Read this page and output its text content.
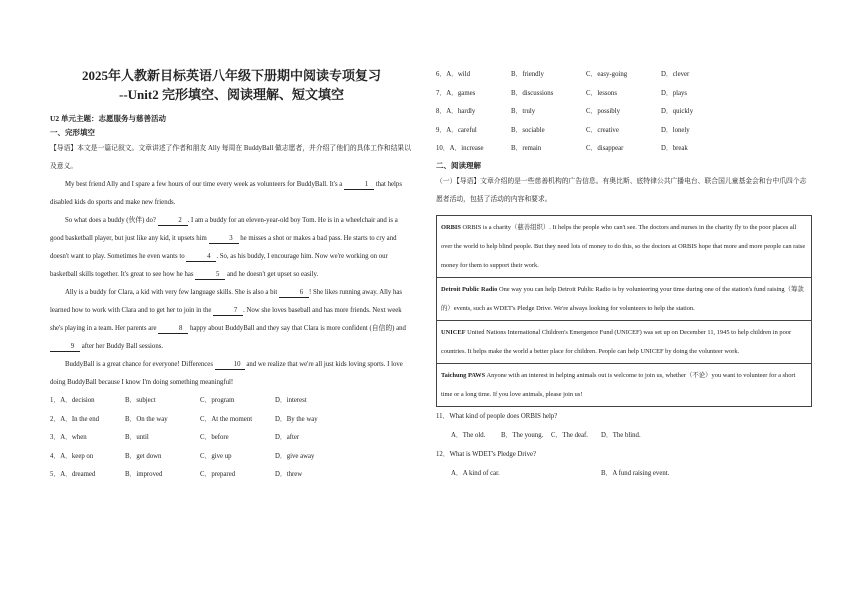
2025年人教新目标英语八年级下册期中阅读专项复习
--Unit2 完形填空、阅读理解、短文填空
U2 单元主题：志愿服务与慈善活动
一、完形填空

【导语】本文是一篇记叙文。文章讲述了作者和朋友 Ally 每周在 BuddyBall 做志愿者，并介绍了他们的具体工作和结果以及意义。

My best friend Ally and I spare a few hours of our time every week as volunteers for BuddyBall. It's a	1 that helps disabled kids do sports and make new friends.

So what does a buddy (伙伴) do?	2 . I am a buddy for an eleven-year-old boy Tom. He is in a wheelchair and is a good basketball player, but just like any kid, it upsets him	3 he misses a shot or makes a bad pass. He starts to cry and doesn't want to play. Sometimes he even wants to	4 . So, as his buddy, I encourage him. Now we're working on our basketball skills together. It's great to see how he has	5 and he doesn't get upset so easily.

Ally is a buddy for Clara, a kid with very few language skills. She is also a bit	6 ! She likes running away. Ally has learned how to work with Clara and to get her to join in the	7 . Now she loves baseball and has more friends. Next week she's playing in a team. Her parents are	8 happy about BuddyBall and they say that Clara is more confident (自信的) and 9 after her Buddy Ball sessions.

BuddyBall is a great chance for everyone! Differences	10 and we realize that we're all just kids loving sports. I love doing BuddyBall because I know I'm doing something meaningful!

1．A．decision	B．subject	C．program	D．interest
2．A．In the end	B．On the way	C．At the moment	D．By the way
3．A．when	B．until	C．before	D．after
4．A．keep on	B．get down	C．give up	D．give away
5．A．dreamed	B．improved	C．prepared	D．threw
6．A．wild	B．friendly	C．easy-going	D．clever
7．A．games	B．discussions	C．lessons	D．plays
8．A．hardly	B．truly	C．possibly	D．quickly
9．A．careful	B．sociable	C．creative	D．lonely
10．A．increase	B．remain	C．disappear	D．break
二、阅读理解

（一）【导语】文章介绍的是一些慈善机构的广告信息。有奥比斯、底特律公共广播电台、联合国儿童基金会和台中爪四个志愿者活动，包括了活动的内容和要求。

ORBIS ORBIS is a charity（慈善组织）. It helps the people who can't see. The doctors and nurses in the charity fly to the poor places all over the world to help blind people. But they need lots of money to do this, so the doctors at ORBIS hope that more and more people can raise money for them to support their work.
Detroit Public Radio One way you can help Detroit Public Radio is by volunteering your time during one of the station's fund raising（筹款的）events, such as WDET's Pledge Drive. We're always looking for volunteers to help the station.
UNICEF United Nations International Children's Emergence Fund (UNICEF) was set up on December 11, 1945 to help children in poor countries. It helps make the world a better place for children. People can help UNICEF by doing the volunteer work.
Taichung PAWS Anyone with an interest in helping animals out is welcome to join us, whether（不论）you want to volunteer for a short time or a long time. If you love animals, please join us!
11．What kind of people does ORBIS help?
A．The old.	B．The young.	C．The deaf.	D．The blind.
12．What is WDET's Pledge Drive?
A．A kind of car.	B．A fund raising event.
